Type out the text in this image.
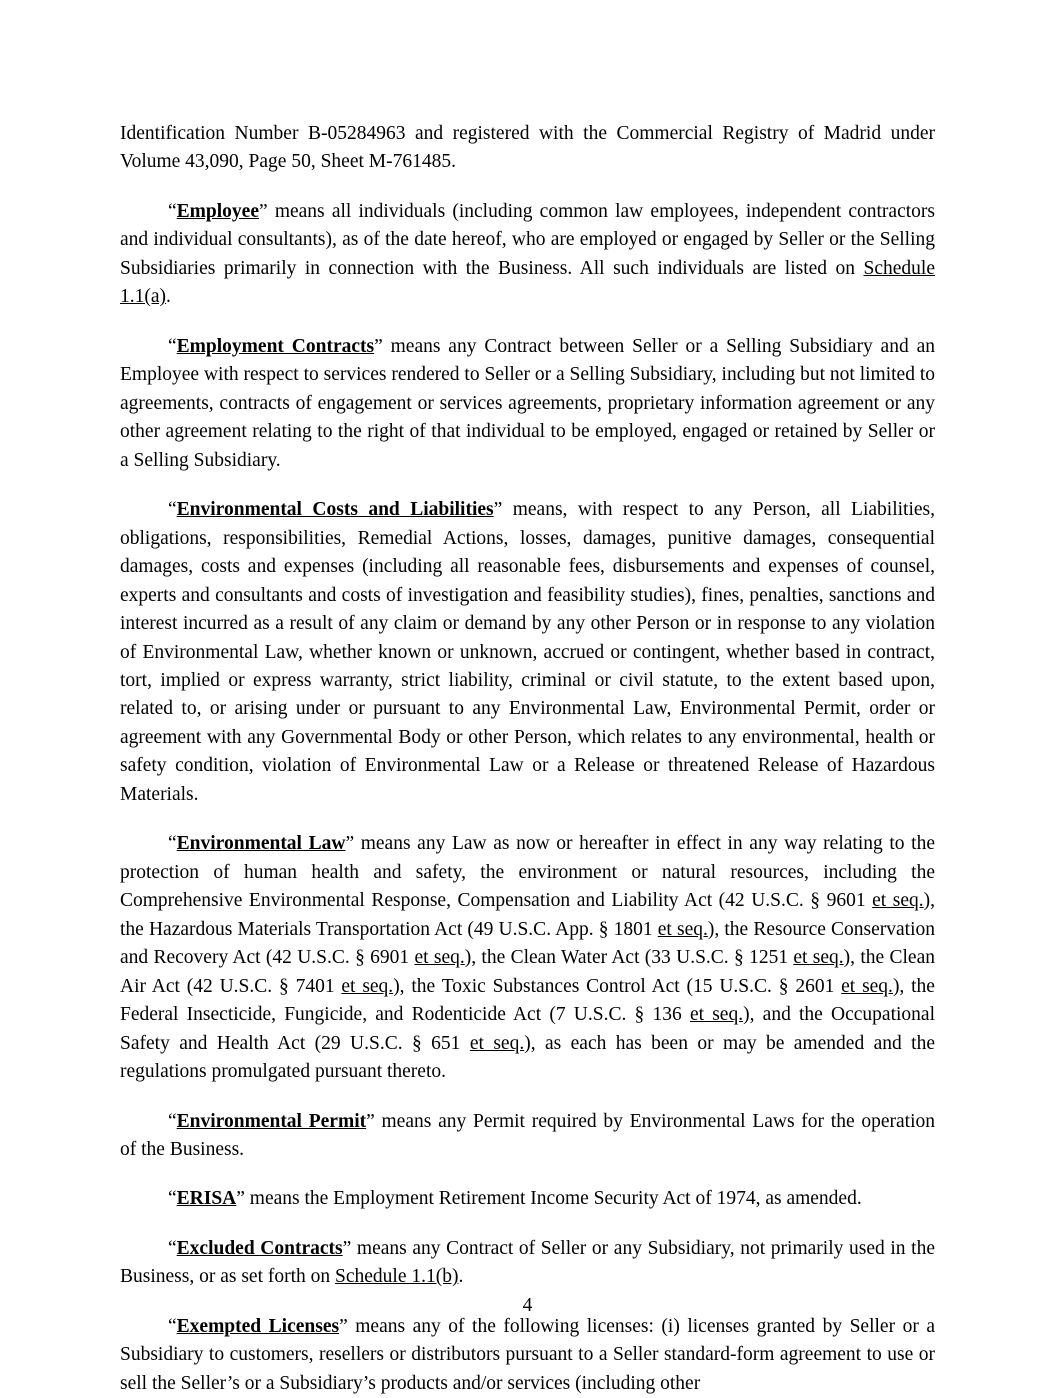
Identification Number B-05284963 and registered with the Commercial Registry of Madrid under Volume 43,090, Page 50, Sheet M-761485.

“Employee” means all individuals (including common law employees, independent contractors and individual consultants), as of the date hereof, who are employed or engaged by Seller or the Selling Subsidiaries primarily in connection with the Business. All such individuals are listed on Schedule 1.1(a).

“Employment Contracts” means any Contract between Seller or a Selling Subsidiary and an Employee with respect to services rendered to Seller or a Selling Subsidiary, including but not limited to agreements, contracts of engagement or services agreements, proprietary information agreement or any other agreement relating to the right of that individual to be employed, engaged or retained by Seller or a Selling Subsidiary.

“Environmental Costs and Liabilities” means, with respect to any Person, all Liabilities, obligations, responsibilities, Remedial Actions, losses, damages, punitive damages, consequential damages, costs and expenses (including all reasonable fees, disbursements and expenses of counsel, experts and consultants and costs of investigation and feasibility studies), fines, penalties, sanctions and interest incurred as a result of any claim or demand by any other Person or in response to any violation of Environmental Law, whether known or unknown, accrued or contingent, whether based in contract, tort, implied or express warranty, strict liability, criminal or civil statute, to the extent based upon, related to, or arising under or pursuant to any Environmental Law, Environmental Permit, order or agreement with any Governmental Body or other Person, which relates to any environmental, health or safety condition, violation of Environmental Law or a Release or threatened Release of Hazardous Materials.

“Environmental Law” means any Law as now or hereafter in effect in any way relating to the protection of human health and safety, the environment or natural resources, including the Comprehensive Environmental Response, Compensation and Liability Act (42 U.S.C. § 9601 et seq.), the Hazardous Materials Transportation Act (49 U.S.C. App. § 1801 et seq.), the Resource Conservation and Recovery Act (42 U.S.C. § 6901 et seq.), the Clean Water Act (33 U.S.C. § 1251 et seq.), the Clean Air Act (42 U.S.C. § 7401 et seq.), the Toxic Substances Control Act (15 U.S.C. § 2601 et seq.), the Federal Insecticide, Fungicide, and Rodenticide Act (7 U.S.C. § 136 et seq.), and the Occupational Safety and Health Act (29 U.S.C. § 651 et seq.), as each has been or may be amended and the regulations promulgated pursuant thereto.

“Environmental Permit” means any Permit required by Environmental Laws for the operation of the Business.

“ERISA” means the Employment Retirement Income Security Act of 1974, as amended.

“Excluded Contracts” means any Contract of Seller or any Subsidiary, not primarily used in the Business, or as set forth on Schedule 1.1(b).

“Exempted Licenses” means any of the following licenses: (i) licenses granted by Seller or a Subsidiary to customers, resellers or distributors pursuant to a Seller standard-form agreement to use or sell the Seller’s or a Subsidiary’s products and/or services (including other

4
